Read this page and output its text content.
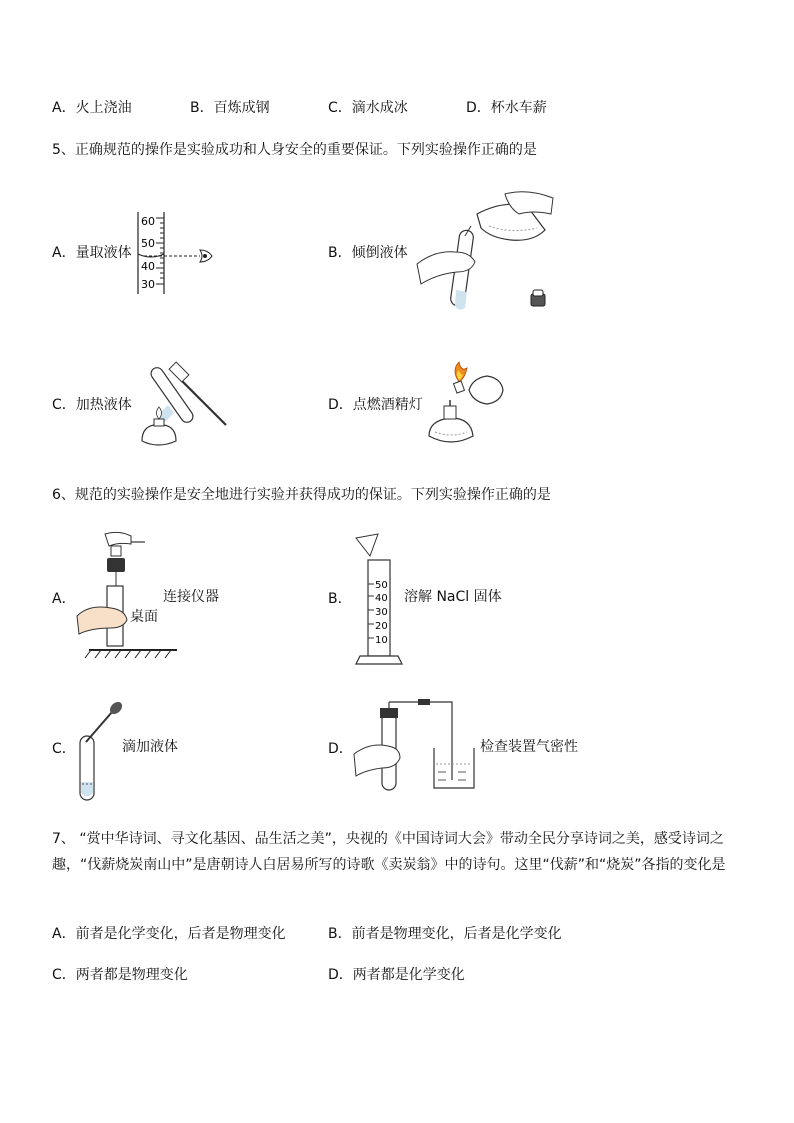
A．火上浇油	B．百炼成钢	C．滴水成冰	D．杯水车薪
5、正确规范的操作是实验成功和人身安全的重要保证。下列实验操作正确的是
A．量取液体
60
50
40
30
B．倾倒液体
C．加热液体	D．点燃酒精灯
6、规范的实验操作是安全地进行实验并获得成功的保证。下列实验操作正确的是
A．	连接仪器
桌面
B．	溶解 NaCl 固体
50
40
30
20
10
C．	滴加液体	D．	检查装置气密性
7、 “赏中华诗词、寻文化基因、品生活之美”，央视的《中国诗词大会》带动全民分享诗词之美，感受诗词之趣，“伐薪烧炭南山中”是唐朝诗人白居易所写的诗歌《卖炭翁》中的诗句。这里“伐薪”和“烧炭”各指的变化是
A．前者是化学变化，后者是物理变化	B．前者是物理变化，后者是化学变化
C．两者都是物理变化	D．两者都是化学变化
